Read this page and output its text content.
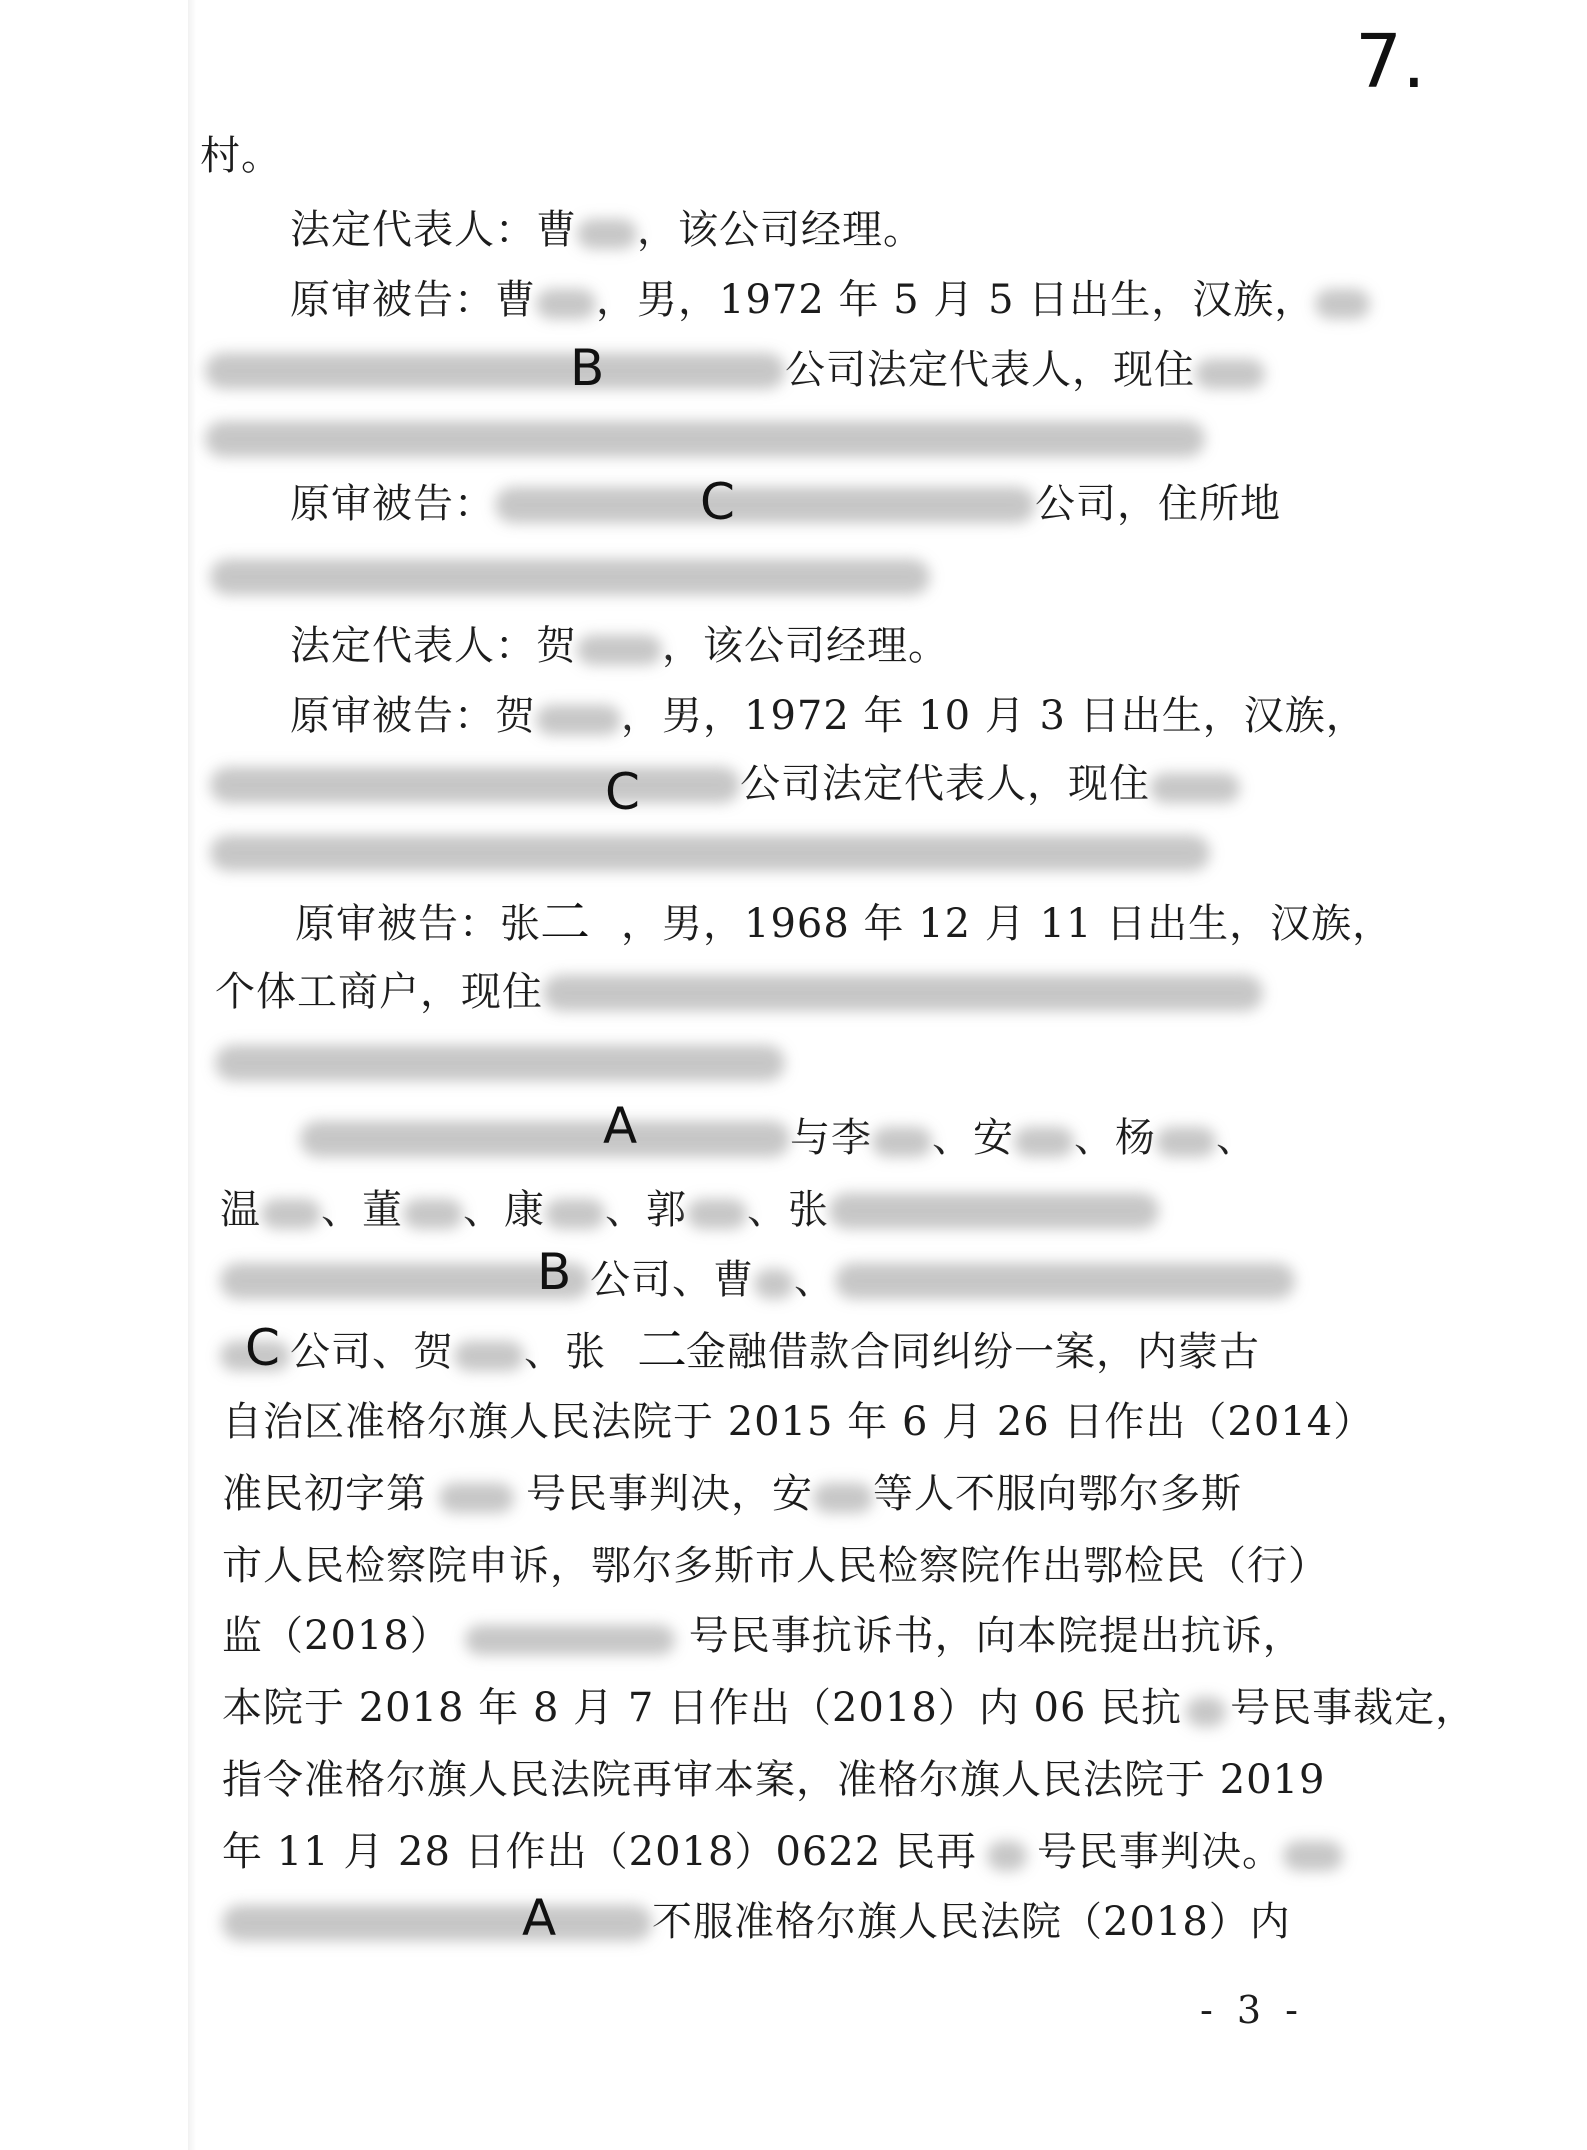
7.
村。
法定代表人：曹 ，该公司经理。
原审被告：曹 ，男，1972 年 5 月 5 日出生，汉族，
公司法定代表人，现住
原审被告：	公司，住所地
法定代表人：贺 ，该公司经理。
原审被告：贺 ，男，1972 年 10 月 3 日出生，汉族，
公司法定代表人，现住
原审被告：张 ，男，1968 年 12 月 11 日出生，汉族，
个体工商户，现住
与李 、安 、杨 、
温 、董 、康 、郭 、张
公司、曹 、
公司、贺 、张 金融借款合同纠纷一案，内蒙古
自治区准格尔旗人民法院于 2015 年 6 月 26 日作出（2014）
准民初字第 号民事判决，安 等人不服向鄂尔多斯
市人民检察院申诉，鄂尔多斯市人民检察院作出鄂检民（行）
监（2018）	号民事抗诉书，向本院提出抗诉，
本院于 2018 年 8 月 7 日作出（2018）内 06 民抗 号民事裁定，
指令准格尔旗人民法院再审本案，准格尔旗人民法院于 2019
年 11 月 28 日作出（2018）0622 民再 号民事判决。
不服准格尔旗人民法院（2018）内
B
C
C
二
A
B
C	二
A
- 3 -
